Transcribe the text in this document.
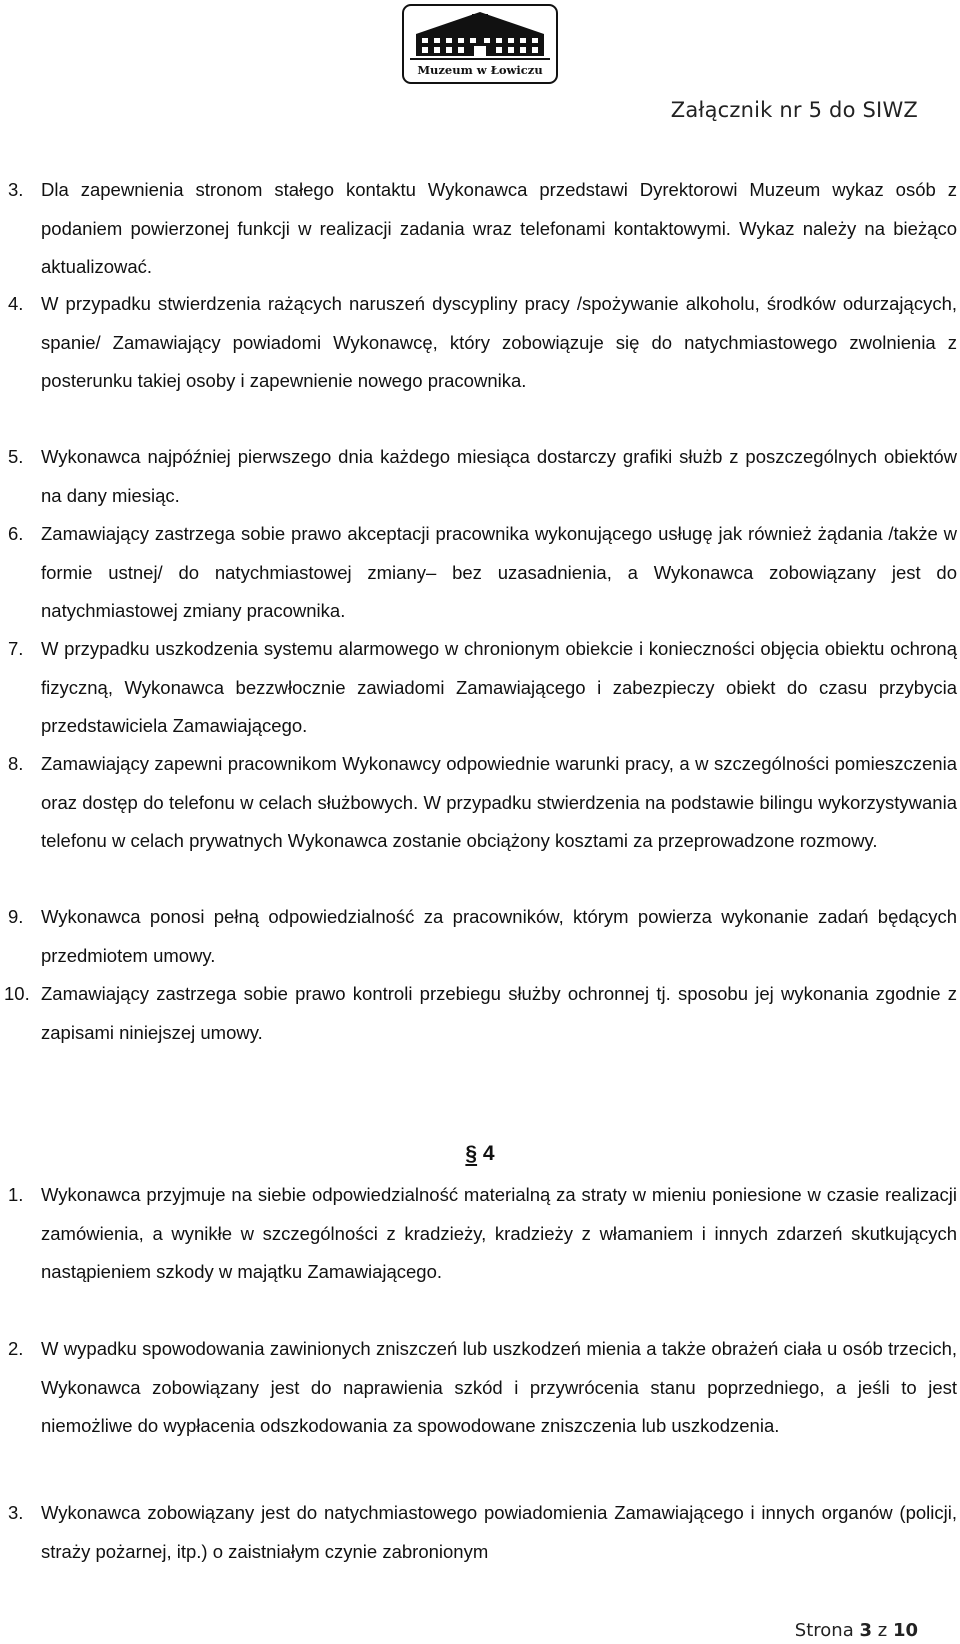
Muzeum w Łowiczu
Załącznik nr 5 do SIWZ
3. Dla zapewnienia stronom stałego kontaktu Wykonawca przedstawi Dyrektorowi Muzeum wykaz osób z podaniem powierzonej funkcji w realizacji zadania wraz telefonami kontaktowymi. Wykaz należy na bieżąco aktualizować.
4. W przypadku stwierdzenia rażących naruszeń dyscypliny pracy /spożywanie alkoholu, środków odurzających, spanie/ Zamawiający powiadomi Wykonawcę, który zobowiązuje się do natychmiastowego zwolnienia z posterunku takiej osoby i zapewnienie nowego pracownika.
5. Wykonawca najpóźniej pierwszego dnia każdego miesiąca dostarczy grafiki służb z poszczególnych obiektów na dany miesiąc.
6. Zamawiający zastrzega sobie prawo akceptacji pracownika wykonującego usługę jak również żądania /także w formie ustnej/ do natychmiastowej zmiany– bez uzasadnienia, a Wykonawca zobowiązany jest do natychmiastowej zmiany pracownika.
7. W przypadku uszkodzenia systemu alarmowego w chronionym obiekcie i konieczności objęcia obiektu ochroną fizyczną, Wykonawca bezzwłocznie zawiadomi Zamawiającego i zabezpieczy obiekt do czasu przybycia przedstawiciela Zamawiającego.
8. Zamawiający zapewni pracownikom Wykonawcy odpowiednie warunki pracy, a w szczególności pomieszczenia oraz dostęp do telefonu w celach służbowych. W przypadku stwierdzenia na podstawie bilingu wykorzystywania telefonu w celach prywatnych Wykonawca zostanie obciążony kosztami za przeprowadzone rozmowy.
9. Wykonawca ponosi pełną odpowiedzialność za pracowników, którym powierza wykonanie zadań będących przedmiotem umowy.
10. Zamawiający zastrzega sobie prawo kontroli przebiegu służby ochronnej tj. sposobu jej wykonania zgodnie z zapisami niniejszej umowy.
§ 4
1. Wykonawca przyjmuje na siebie odpowiedzialność materialną za straty w mieniu poniesione w czasie realizacji zamówienia, a wynikłe w szczególności z kradzieży, kradzieży z włamaniem i innych zdarzeń skutkujących nastąpieniem szkody w majątku Zamawiającego.
2. W wypadku spowodowania zawinionych zniszczeń lub uszkodzeń mienia a także obrażeń ciała u osób trzecich, Wykonawca zobowiązany jest do naprawienia szkód i przywrócenia stanu poprzedniego, a jeśli to jest niemożliwe do wypłacenia odszkodowania za spowodowane zniszczenia lub uszkodzenia.
3. Wykonawca zobowiązany jest do natychmiastowego powiadomienia Zamawiającego i innych organów (policji, straży pożarnej, itp.) o zaistniałym czynie zabronionym
Strona 3 z 10
